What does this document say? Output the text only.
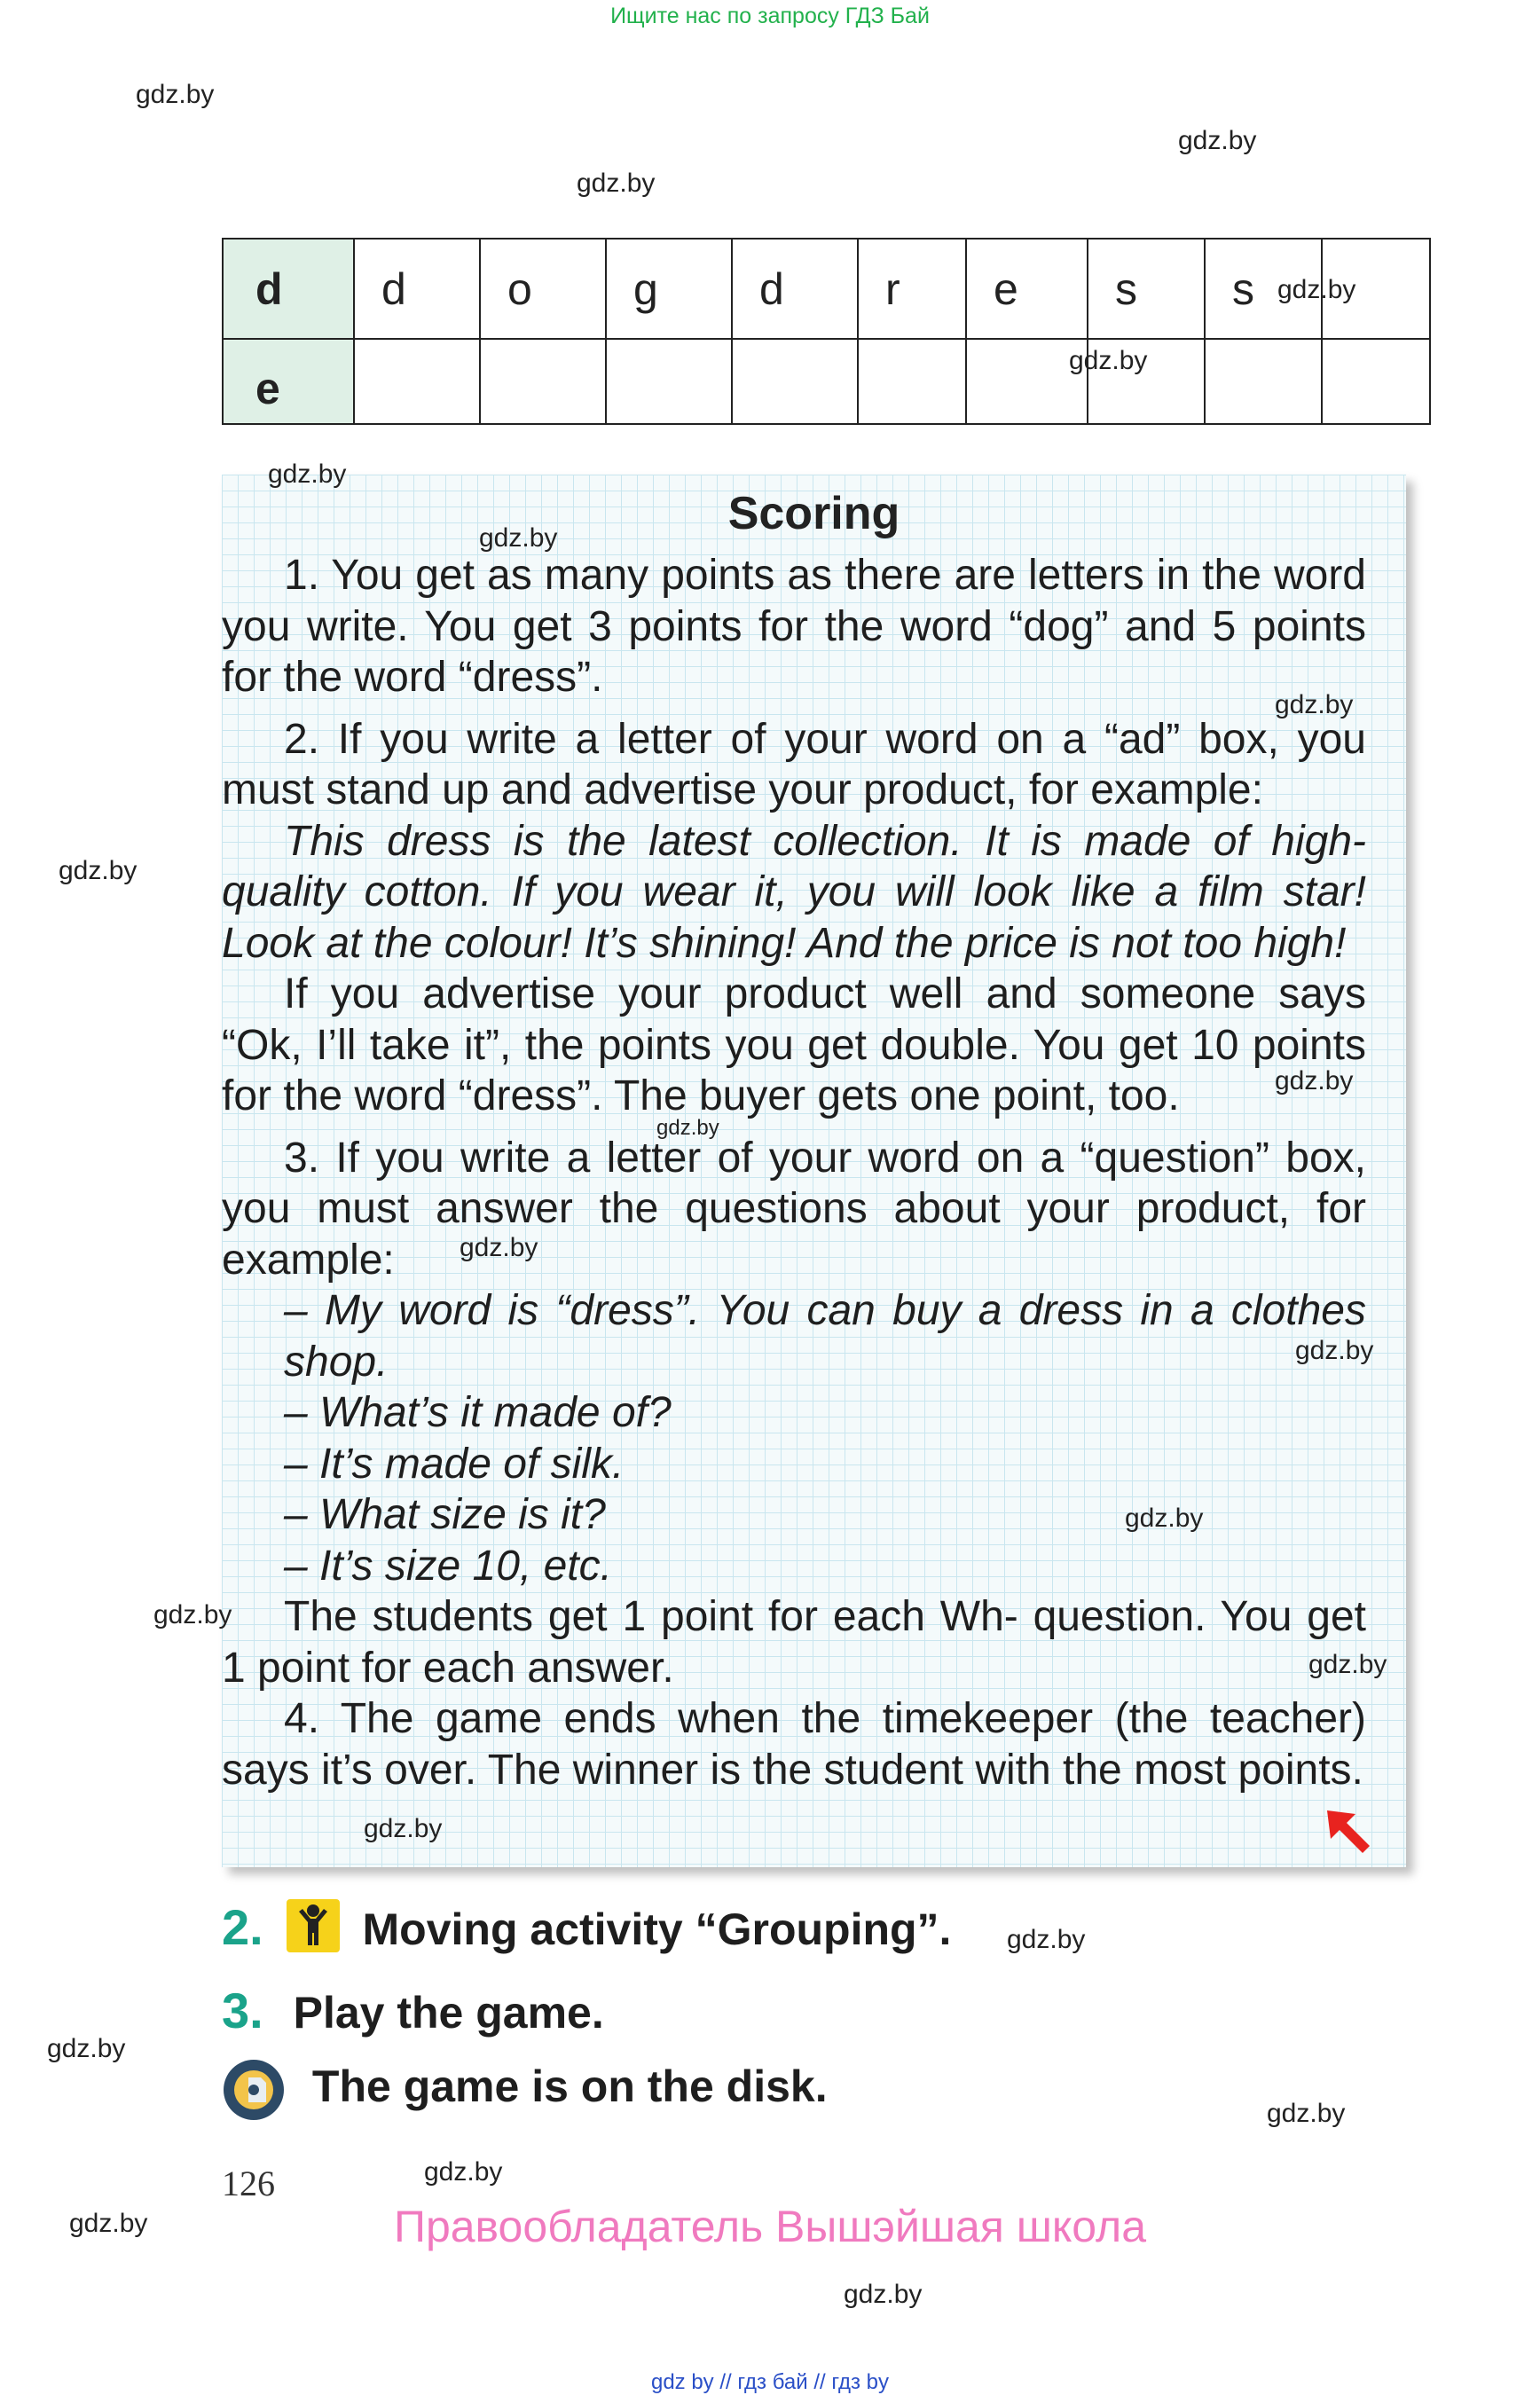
Ищите нас по запросу ГДЗ Бай
gdz.by
gdz.by
gdz.by
d	d	o	g	d	r	e	s	s	
e									
gdz.by
gdz.by
Scoring

1. You get as many points as there are letters in the word you write. You get 3 points for the word “dog” and 5 points for the word “dress”.

2. If you write a letter of your word on a “ad” box, you must stand up and advertise your product, for example:

This dress is the latest collection. It is made of high-quality cotton. If you wear it, you will look like a film star! Look at the colour! It’s shining! And the price is not too high!

If you advertise your product well and someone says “Ok, I’ll take it”, the points you get double. You get 10 points for the word “dress”. The buyer gets one point, too.

3. If you write a letter of your word on a “question” box, you must answer the questions about your product, for example:

– My word is “dress”. You can buy a dress in a clothes shop.

– What’s it made of?

– It’s made of silk.

– What size is it?

– It’s size 10, etc.

The students get 1 point for each Wh- question. You get 1 point for each answer.

4. The game ends when the timekeeper (the teacher) says it’s over. The winner is the student with the most points.

gdz.by
gdz.by
gdz.by
gdz.by
gdz.by
gdz.by
gdz.by
gdz.by
gdz.by
gdz.by
gdz.by
gdz.by
2. Moving activity “Grouping”. gdz.by
3. Play the game.
gdz.by
The game is on the disk.
gdz.by
126	gdz.by
gdz.by	Правообладатель Вышэйшая школа
gdz.by
gdz by // гдз бай // гдз by
